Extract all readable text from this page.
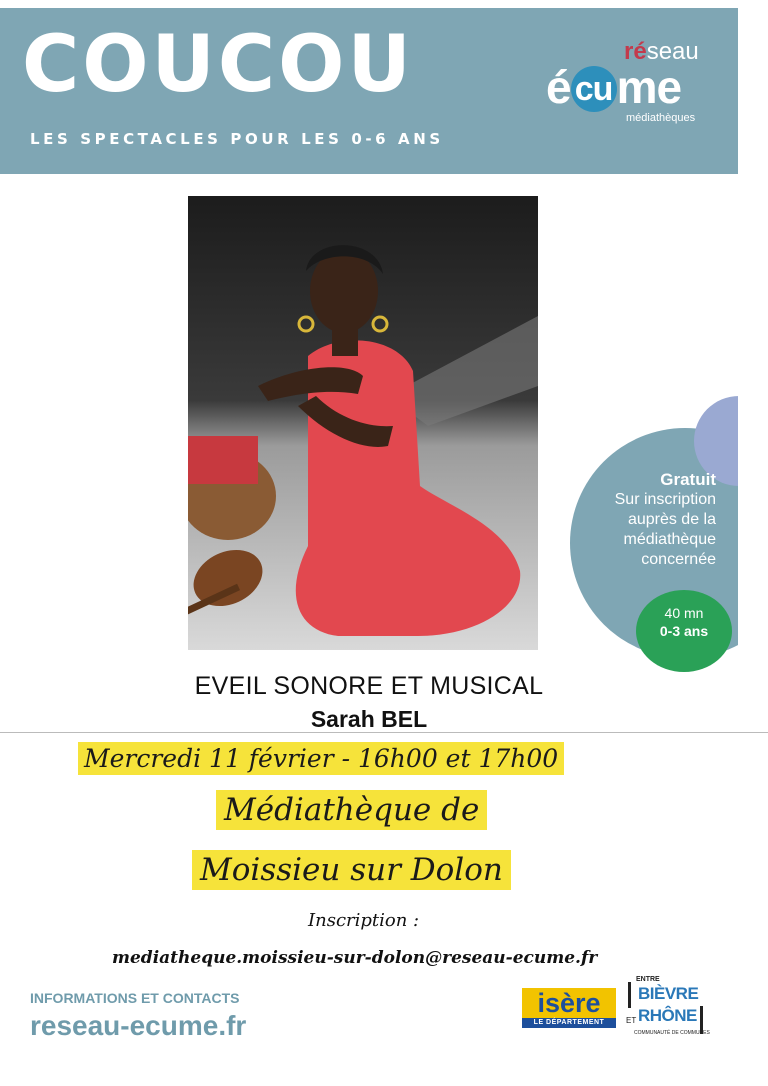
COUCOU
LES SPECTACLES POUR LES 0-6 ANS
réseau
é cume
médiathèques
Gratuit
Sur inscription
auprès de la
médiathèque
concernée
40 mn
0-3 ans
EVEIL SONORE ET MUSICAL
Sarah BEL
Mercredi 11 février - 16h00 et 17h00
Médiathèque de
Moissieu sur Dolon
Inscription :
mediatheque.moissieu-sur-dolon@reseau-ecume.fr
INFORMATIONS ET CONTACTS
reseau-ecume.fr
isère
LE DÉPARTEMENT
ENTRE
BIÈVRE
ET RHÔNE
COMMUNAUTÉ DE COMMUNES
